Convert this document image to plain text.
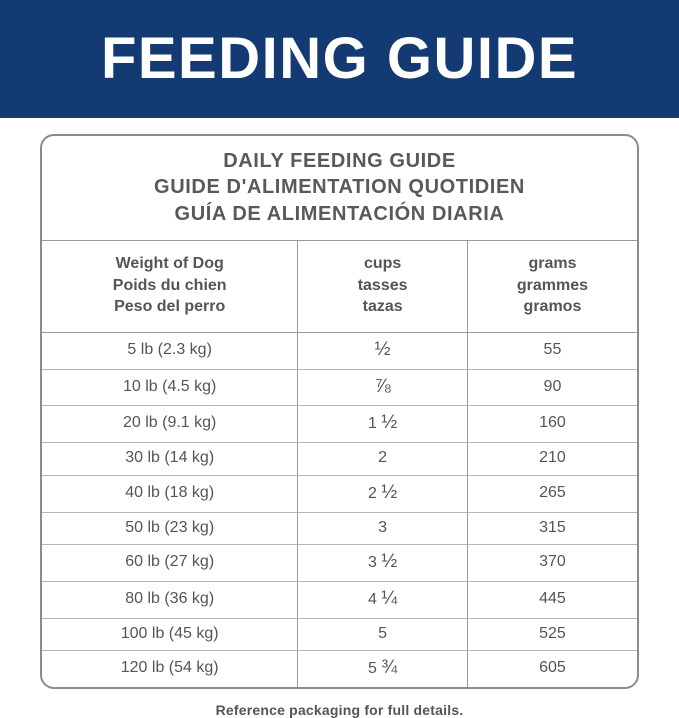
FEEDING GUIDE
DAILY FEEDING GUIDE
GUIDE D'ALIMENTATION QUOTIDIEN
GUÍA DE ALIMENTACIÓN DIARIA
Weight of Dog
Poids du chien
Peso del perro

cups
tasses
tazas

grams
grammes
gramos

5 lb (2.3 kg)	½	55
10 lb (4.5 kg)	⅞	90
20 lb (9.1 kg)	1 ½	160
30 lb (14 kg)	2	210
40 lb (18 kg)	2 ½	265
50 lb (23 kg)	3	315
60 lb (27 kg)	3 ½	370
80 lb (36 kg)	4 ¼	445
100 lb (45 kg)	5	525
120 lb (54 kg)	5 ¾	605
Reference packaging for full details.
